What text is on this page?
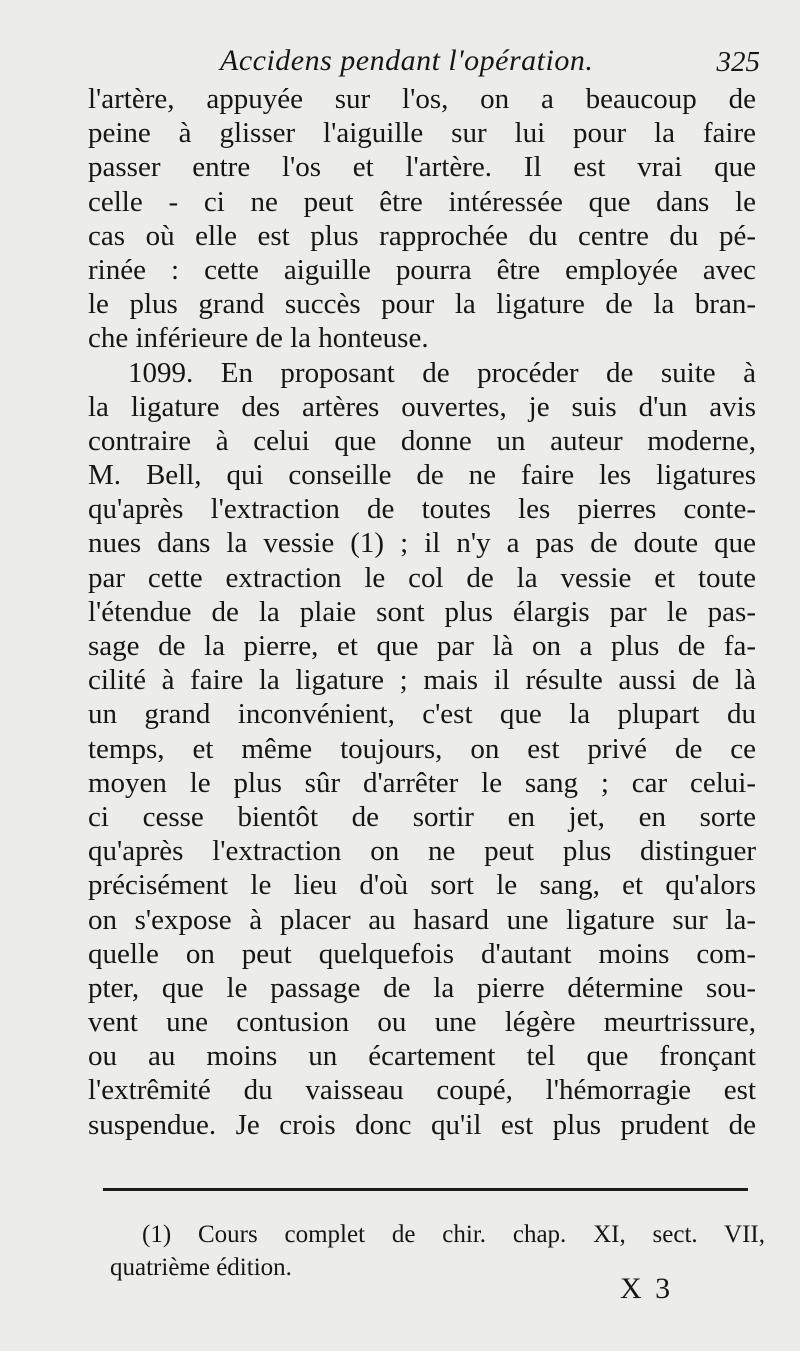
Accidens pendant l'opération.	325
l'artère, appuyée sur l'os, on a beaucoup de
peine à glisser l'aiguille sur lui pour la faire
passer entre l'os et l'artère. Il est vrai que
celle - ci ne peut être intéressée que dans le
cas où elle est plus rapprochée du centre du pé-
rinée : cette aiguille pourra être employée avec
le plus grand succès pour la ligature de la bran-
che inférieure de la honteuse.
1099. En proposant de procéder de suite à
la ligature des artères ouvertes, je suis d'un avis
contraire à celui que donne un auteur moderne,
M. Bell, qui conseille de ne faire les ligatures
qu'après l'extraction de toutes les pierres conte-
nues dans la vessie (1) ; il n'y a pas de doute que
par cette extraction le col de la vessie et toute
l'étendue de la plaie sont plus élargis par le pas-
sage de la pierre, et que par là on a plus de fa-
cilité à faire la ligature ; mais il résulte aussi de là
un grand inconvénient, c'est que la plupart du
temps, et même toujours, on est privé de ce
moyen le plus sûr d'arrêter le sang ; car celui-
ci cesse bientôt de sortir en jet, en sorte
qu'après l'extraction on ne peut plus distinguer
précisément le lieu d'où sort le sang, et qu'alors
on s'expose à placer au hasard une ligature sur la-
quelle on peut quelquefois d'autant moins com-
pter, que le passage de la pierre détermine sou-
vent une contusion ou une légère meurtrissure,
ou au moins un écartement tel que fronçant
l'extrêmité du vaisseau coupé, l'hémorragie est
suspendue. Je crois donc qu'il est plus prudent de
(1) Cours complet de chir. chap. XI, sect. VII,
quatrième édition.
X 3
